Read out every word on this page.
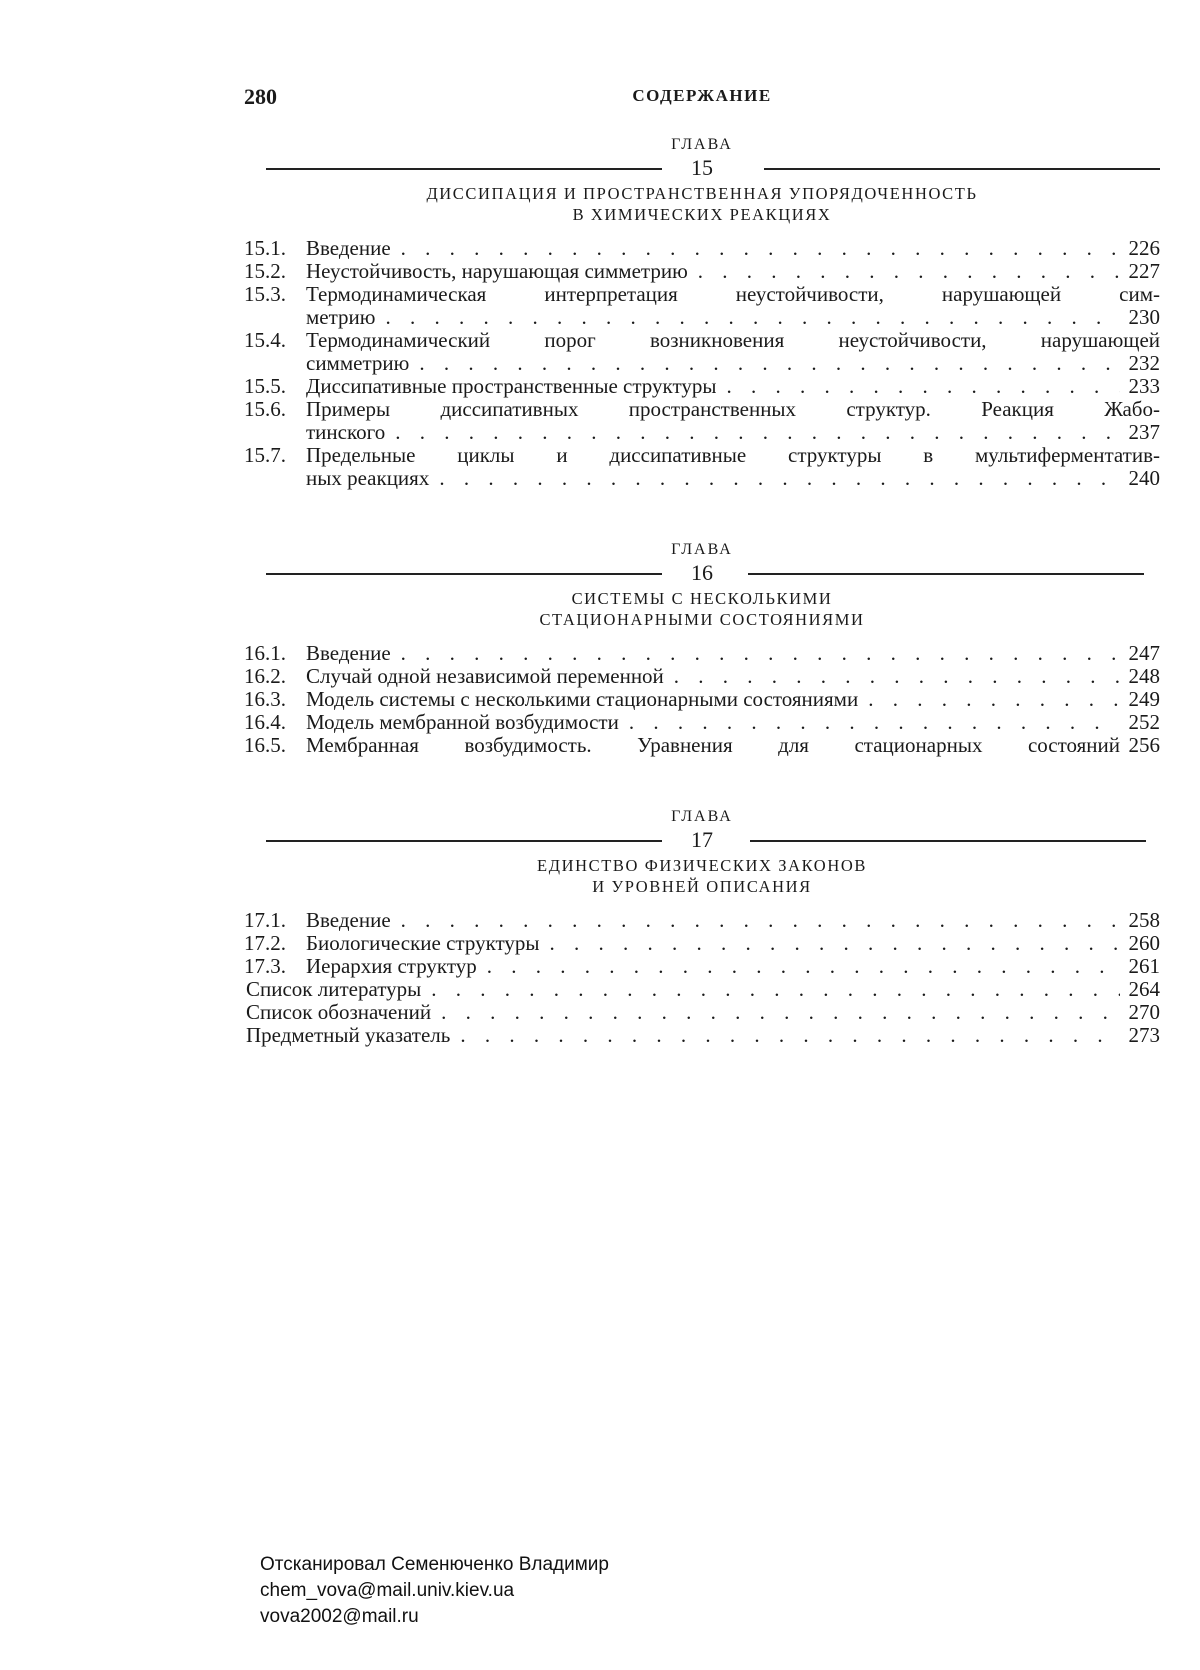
280	СОДЕРЖАНИЕ
ГЛАВА
15
ДИССИПАЦИЯ И ПРОСТРАНСТВЕННАЯ УПОРЯДОЧЕННОСТЬ
В ХИМИЧЕСКИХ РЕАКЦИЯХ
15.1. Введение . . .	226
15.2. Неустойчивость, нарушающая симметрию . . .	227
15.3. Термодинамическая интерпретация неустойчивости, нарушающей сим-
метрию . . .	230
15.4. Термодинамический порог возникновения неустойчивости, нарушающей
симметрию . . .	232
15.5. Диссипативные пространственные структуры . . .	233
15.6. Примеры диссипативных пространственных структур. Реакция Жабо-
тинского . . .	237
15.7. Предельные циклы и диссипативные структуры в мультиферментатив-
ных реакциях . . .	240
ГЛАВА
16
СИСТЕМЫ С НЕСКОЛЬКИМИ
СТАЦИОНАРНЫМИ СОСТОЯНИЯМИ
16.1. Введение . . .	247
16.2. Случай одной независимой переменной . . .	248
16.3. Модель системы с несколькими стационарными состояниями . . .	249
16.4. Модель мембранной возбудимости . . .	252
16.5. Мембранная возбудимость. Уравнения для стационарных состояний 256
ГЛАВА
17
ЕДИНСТВО ФИЗИЧЕСКИХ ЗАКОНОВ
И УРОВНЕЙ ОПИСАНИЯ
17.1. Введение . . .	258
17.2. Биологические структуры . . .	260
17.3. Иерархия структур . . .	261
Список литературы . . .	264
Список обозначений . . .	270
Предметный указатель . . .	273
Отсканировал Семенюченко Владимир
chem_vova@mail.univ.kiev.ua
vova2002@mail.ru
